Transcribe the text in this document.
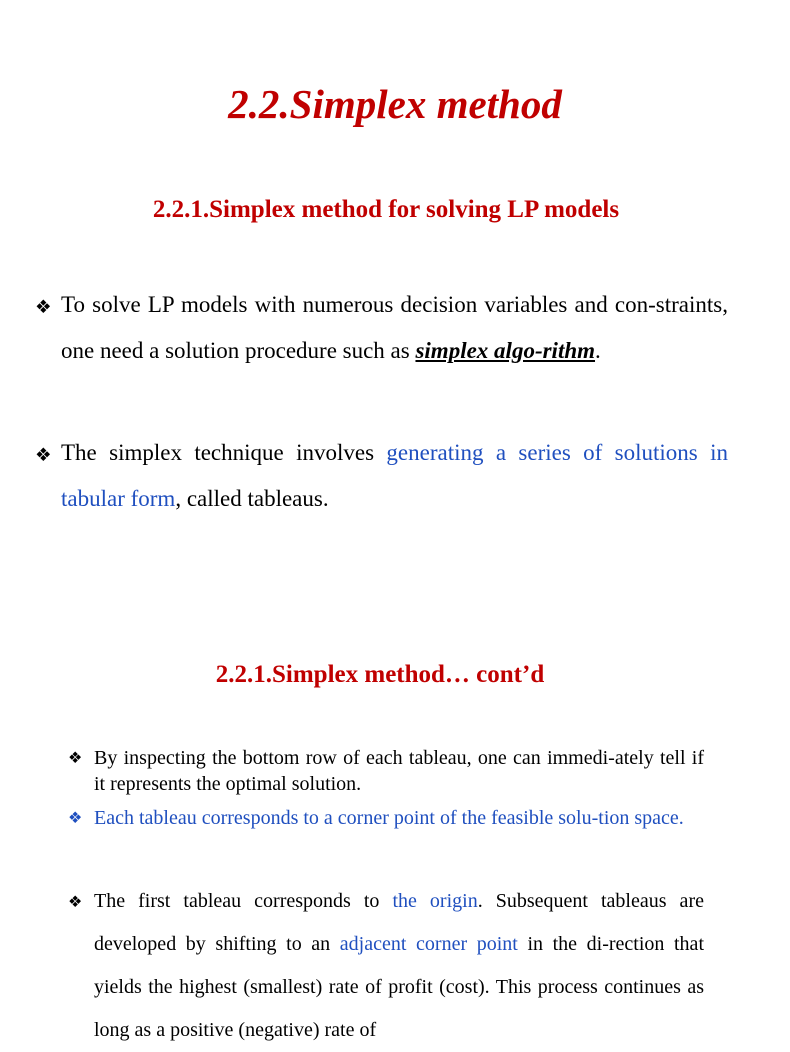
2.2.Simplex method
2.2.1.Simplex method for solving LP models

❖ To solve LP models with numerous decision variables and con-straints, one need a solution procedure such as simplex algo-rithm.

❖ The simplex technique involves generating a series of solutions in tabular form, called tableaus.

2.2.1.Simplex method… cont’d

❖ By inspecting the bottom row of each tableau, one can immedi-ately tell if it represents the optimal solution.

❖ Each tableau corresponds to a corner point of the feasible solu-tion space.

❖ The first tableau corresponds to the origin. Subsequent tableaus are developed by shifting to an adjacent corner point in the di-rection that yields the highest (smallest) rate of profit (cost). This process continues as long as a positive (negative) rate of
